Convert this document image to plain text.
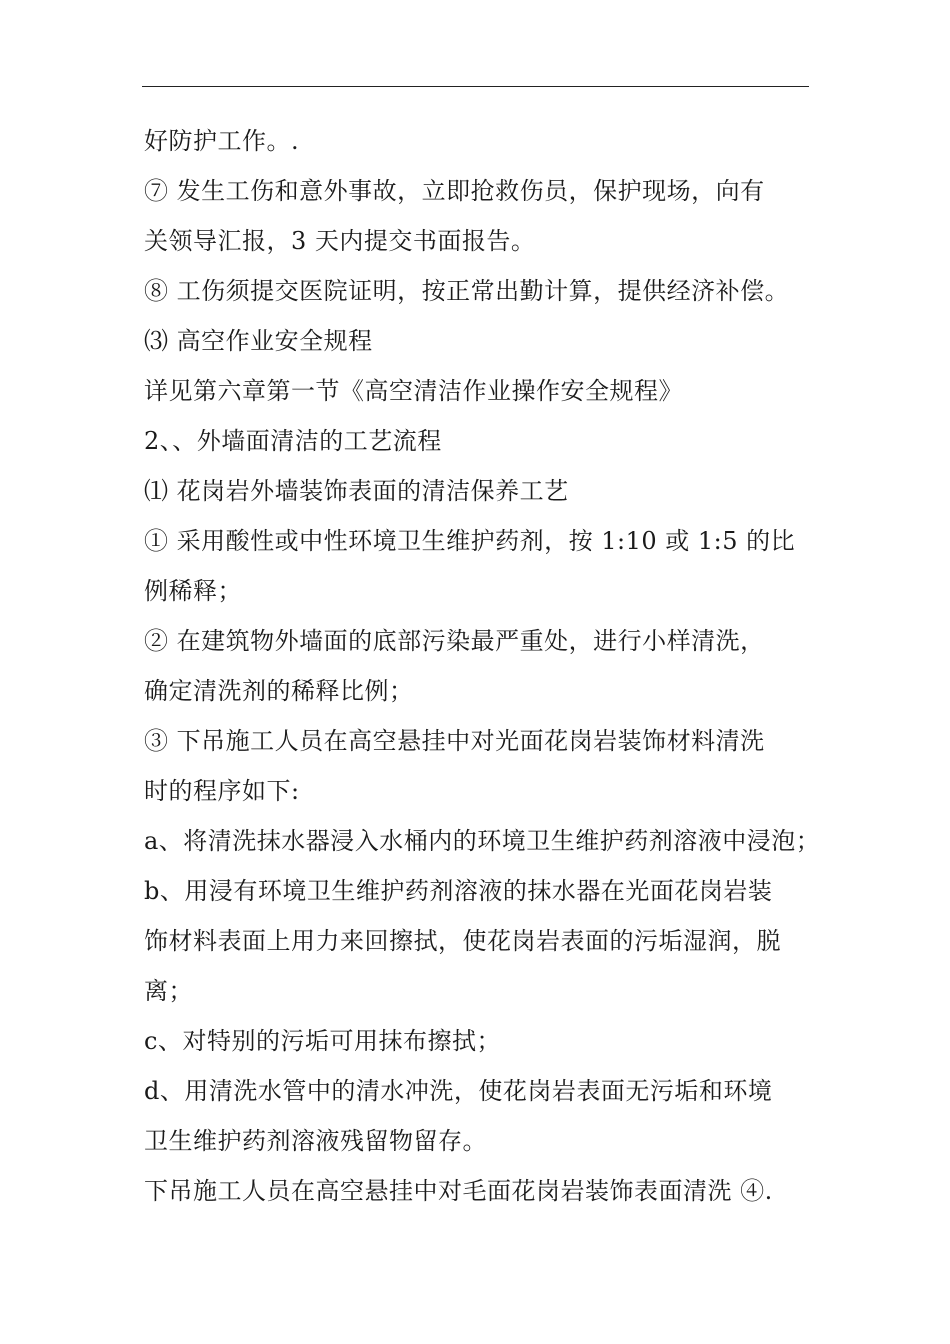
好防护工作。.
⑦ 发生工伤和意外事故，立即抢救伤员，保护现场，向有
关领导汇报，3 天内提交书面报告。
⑧ 工伤须提交医院证明，按正常出勤计算，提供经济补偿。
⑶ 高空作业安全规程
详见第六章第一节《高空清洁作业操作安全规程》
2、、外墙面清洁的工艺流程
⑴ 花岗岩外墙装饰表面的清洁保养工艺
① 采用酸性或中性环境卫生维护药剂，按 1:10 或 1:5 的比
例稀释；
② 在建筑物外墙面的底部污染最严重处，进行小样清洗，
确定清洗剂的稀释比例；
③ 下吊施工人员在高空悬挂中对光面花岗岩装饰材料清洗
时的程序如下:
a、将清洗抹水器浸入水桶内的环境卫生维护药剂溶液中浸泡；
b、用浸有环境卫生维护药剂溶液的抹水器在光面花岗岩装
饰材料表面上用力来回擦拭，使花岗岩表面的污垢湿润，脱
离；
c、对特别的污垢可用抹布擦拭；
d、用清洗水管中的清水冲洗，使花岗岩表面无污垢和环境
卫生维护药剂溶液残留物留存。
下吊施工人员在高空悬挂中对毛面花岗岩装饰表面清洗 ④.
